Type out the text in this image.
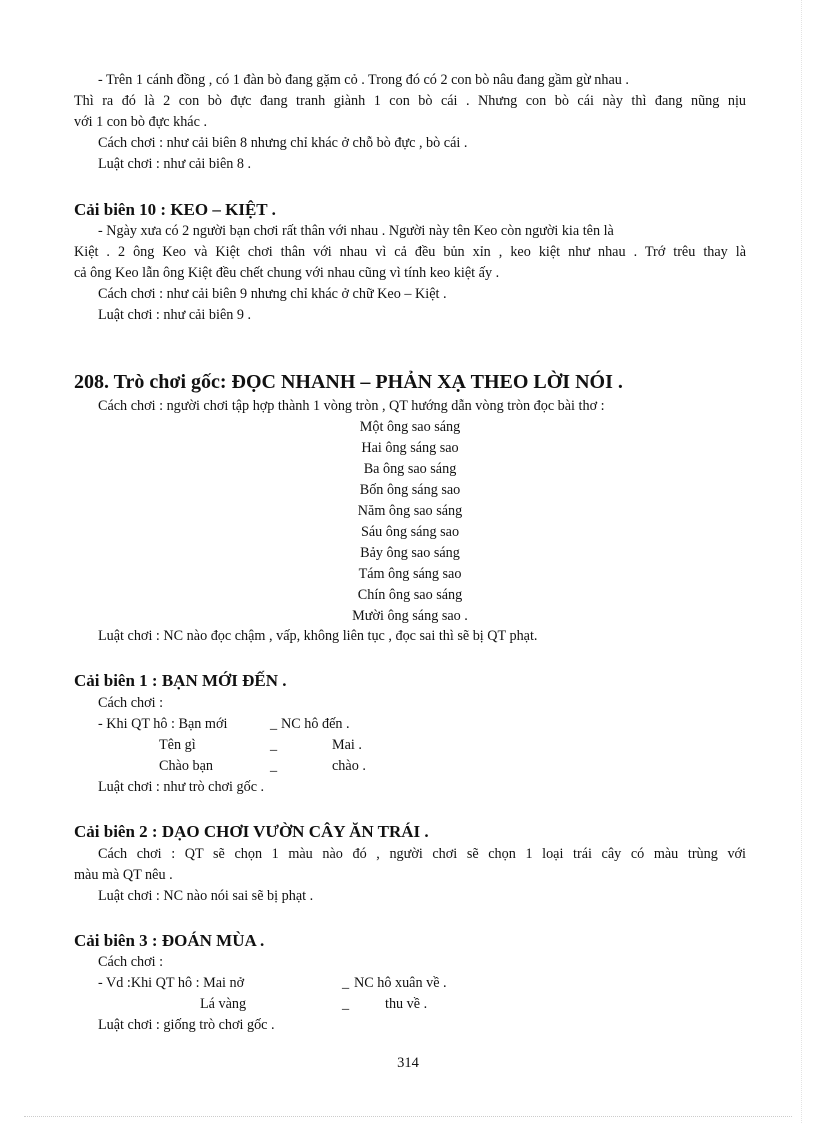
- Trên 1 cánh đồng , có 1 đàn bò đang gặm cỏ . Trong đó có 2 con bò nâu đang gầm gừ nhau .
Thì ra đó là 2 con bò đực đang tranh giành 1 con bò cái . Nhưng con bò cái này thì đang nũng nịu
với 1 con bò đực khác .
Cách chơi : như cải biên 8 nhưng chỉ khác ở chỗ bò đực , bò cái .
Luật chơi : như cải biên 8 .
Cải biên 10 : KEO – KIỆT .
- Ngày xưa có 2 người bạn chơi rất thân với nhau . Người này tên Keo còn người kia tên là
Kiệt . 2 ông Keo và Kiệt chơi thân với nhau vì cả đều bủn xỉn , keo kiệt như nhau . Trớ trêu thay là
cả ông Keo lẫn ông Kiệt đều chết chung với nhau cũng vì tính keo kiệt ấy .
Cách chơi : như cải biên 9 nhưng chỉ khác ở chữ Keo – Kiệt .
Luật chơi : như cải biên 9 .
208. Trò chơi gốc: ĐỌC NHANH – PHẢN XẠ THEO LỜI NÓI .
Cách chơi : người chơi tập hợp thành 1 vòng tròn , QT hướng dẫn vòng tròn đọc bài thơ :
Một ông sao sáng
Hai ông sáng sao
Ba ông sao sáng
Bốn ông sáng sao
Năm ông sao sáng
Sáu ông sáng sao
Bảy ông sao sáng
Tám ông sáng sao
Chín ông sao sáng
Mười ông sáng sao .
Luật chơi : NC nào đọc chậm , vấp, không liên tục , đọc sai thì sẽ bị QT phạt.
Cải biên 1 : BẠN MỚI ĐẾN .
Cách chơi :
- Khi QT hô : Bạn mới	_ NC hô đến .
Tên gì	_	Mai .
Chào bạn	_	chào .
Luật chơi : như trò chơi gốc .
Cải biên 2 : DẠO CHƠI VƯỜN CÂY ĂN TRÁI .
Cách chơi : QT sẽ chọn 1 màu nào đó , người chơi sẽ chọn 1 loại trái cây có màu trùng với
màu mà QT nêu .
Luật chơi : NC nào nói sai sẽ bị phạt .
Cải biên 3 : ĐOÁN MÙA .
Cách chơi :
- Vd :Khi QT hô : Mai nở	_ NC hô xuân về .
Lá vàng	_	thu về .
Luật chơi : giống trò chơi gốc .
314
